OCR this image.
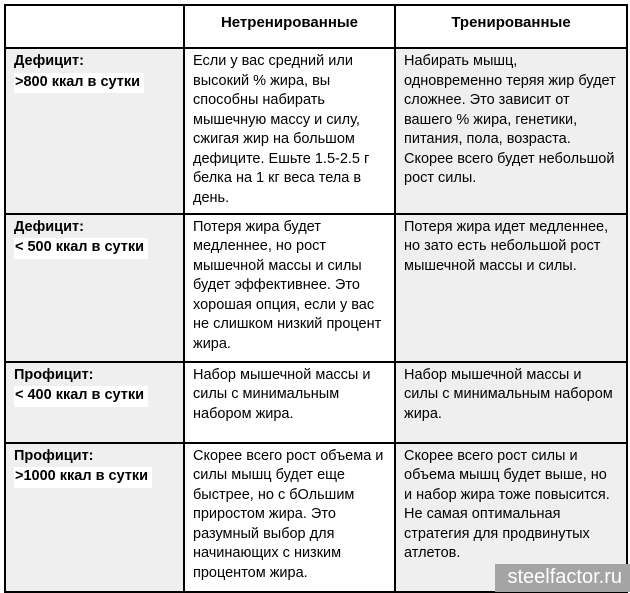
	Нетренированные	Тренированные

Дефицит:
>800 ккал в сутки	Если у вас средний или высокий % жира, вы способны набирать мышечную массу и силу, сжигая жир на большом дефиците. Ешьте 1.5-2.5 г белка на 1 кг веса тела в день.	Набирать мышц, одновременно теряя жир будет сложнее. Это зависит от вашего % жира, генетики, питания, пола, возраста. Скорее всего будет небольшой рост силы.

Дефицит:
< 500 ккал в сутки	Потеря жира будет медленнее, но рост мышечной массы и силы будет эффективнее. Это хорошая опция, если у вас не слишком низкий процент жира.	Потеря жира идет медленнее, но зато есть небольшой рост мышечной массы и силы.

Профицит:
< 400 ккал в сутки	Набор мышечной массы и силы с минимальным набором жира.	Набор мышечной массы и силы с минимальным набором жира.

Профицит:
>1000 ккал в сутки	Скорее всего рост объема и силы мышц будет еще быстрее, но с бОльшим приростом жира. Это разумный выбор для начинающих с низким процентом жира.	Скорее всего рост силы и объема мышц будет выше, но и набор жира тоже повысится. Не самая оптимальная стратегия для продвинутых атлетов.
steelfactor.ru
